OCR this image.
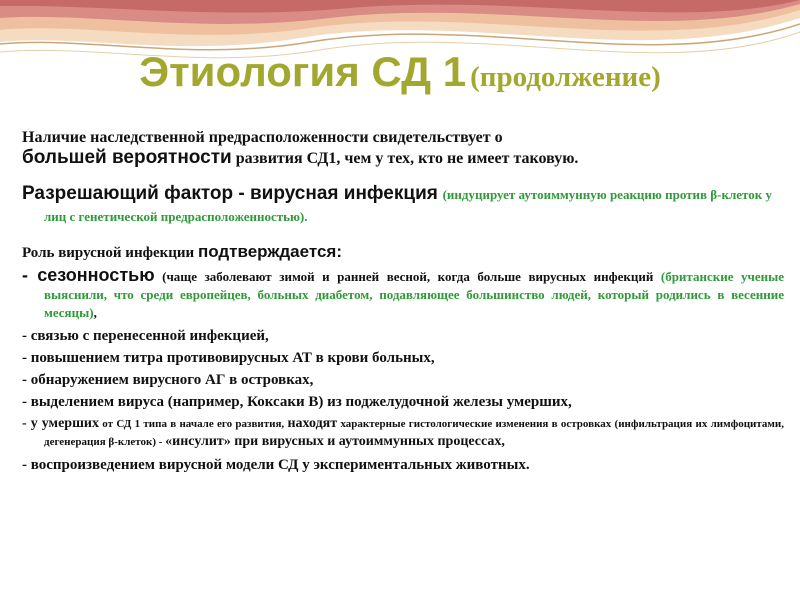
Этиология СД 1 (продолжение)
Наличие наследственной предрасположенности свидетельствует о
большей вероятности развития СД1, чем у тех, кто не имеет таковую.
Разрешающий фактор - вирусная инфекция (индуцирует аутоиммунную реакцию против β-клеток у лиц с генетической предрасположенностью).
Роль вирусной инфекции подтверждается:
- сезонностью (чаще заболевают зимой и ранней весной, когда больше вирусных инфекций (британские ученые выяснили, что среди европейцев, больных диабетом, подавляющее большинство людей, который родились в весенние месяцы),
- связью с перенесенной инфекцией,
- повышением титра противовирусных АТ в крови больных,
- обнаружением вирусного АГ в островках,
- выделением вируса (например, Коксаки В) из поджелудочной железы умерших,
- у умерших от СД 1 типа в начале его развития, находят характерные гистологические изменения в островках (инфильтрация их лимфоцитами, дегенерация β-клеток) - «инсулит» при вирусных и аутоиммунных процессах,
- воспроизведением вирусной модели СД у экспериментальных животных.
